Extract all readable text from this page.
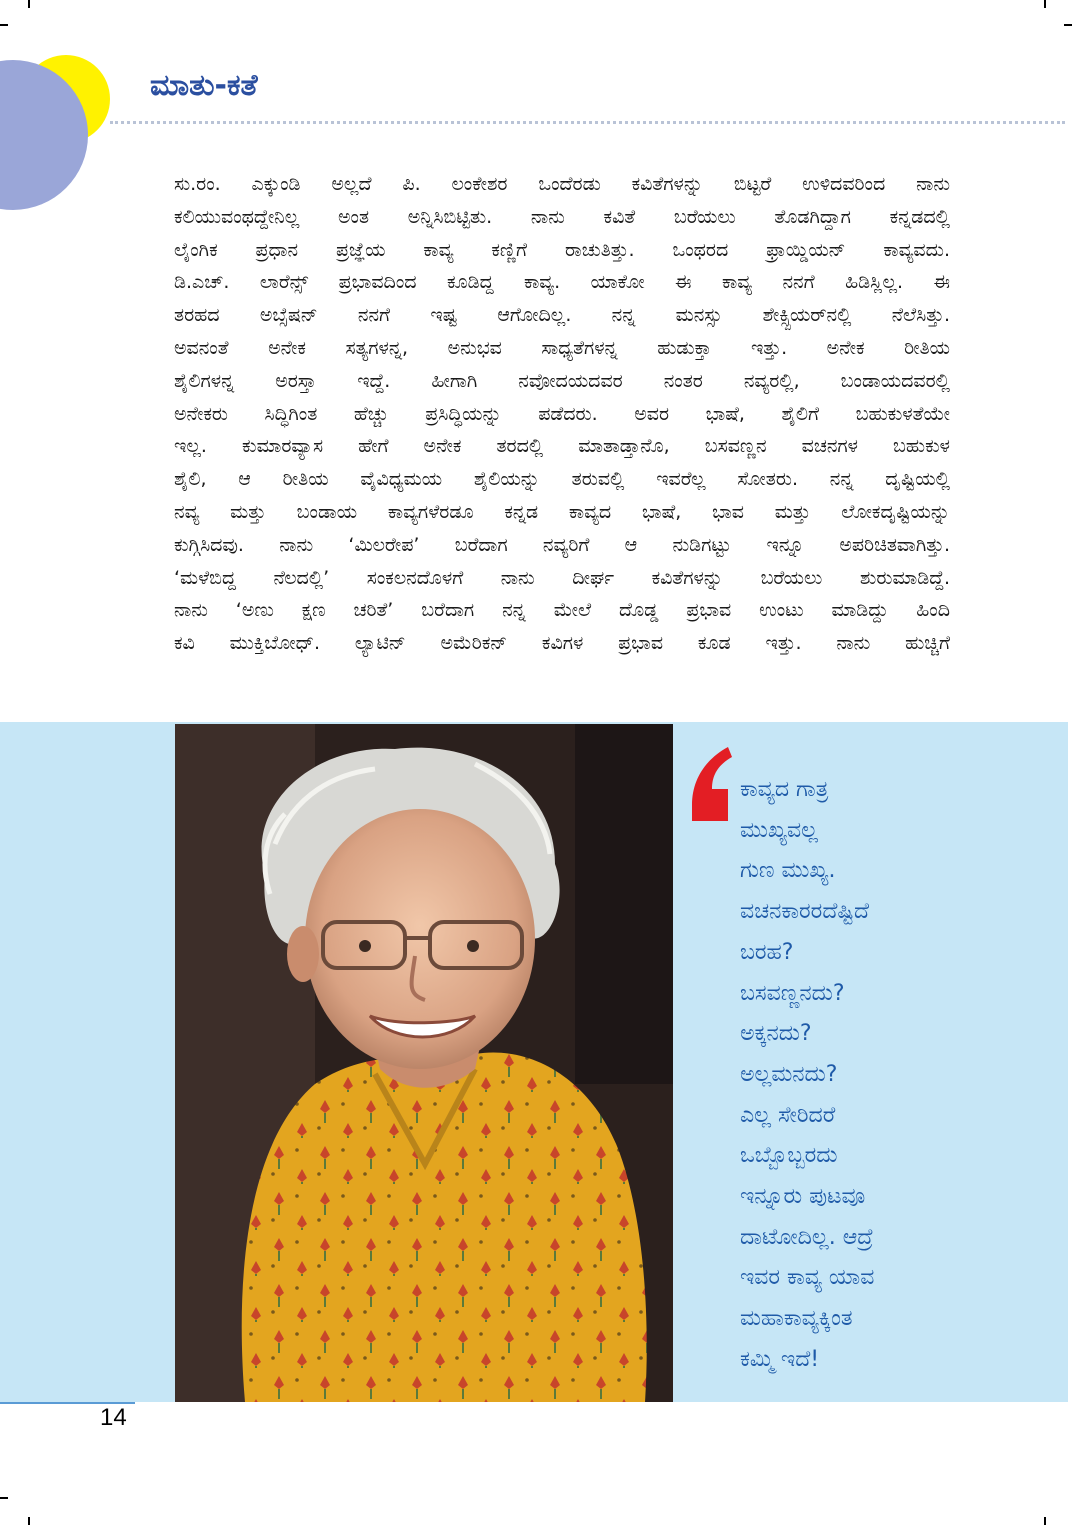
ಮಾತು-ಕತೆ
ಸು.ರಂ. ಎಕ್ಕುಂಡಿ ಅಲ್ಲದೆ ಪಿ. ಲಂಕೇಶರ ಒಂದೆರಡು ಕವಿತೆಗಳನ್ನು ಬಿಟ್ಟರೆ ಉಳಿದವರಿಂದ ನಾನು
ಕಲಿಯುವಂಥದ್ದೇನಿಲ್ಲ ಅಂತ ಅನ್ನಿಸಿಬಿಟ್ಟಿತು. ನಾನು ಕವಿತೆ ಬರೆಯಲು ತೊಡಗಿದ್ದಾಗ ಕನ್ನಡದಲ್ಲಿ
ಲೈಂಗಿಕ ಪ್ರಧಾನ ಪ್ರಜ್ಞೆಯ ಕಾವ್ಯ ಕಣ್ಣಿಗೆ ರಾಚುತಿತ್ತು. ಒಂಥರದ ಫ್ರಾಯ್ಡಿಯನ್ ಕಾವ್ಯವದು.
ಡಿ.ಎಚ್. ಲಾರೆನ್ಸ್ ಪ್ರಭಾವದಿಂದ ಕೂಡಿದ್ದ ಕಾವ್ಯ. ಯಾಕೋ ಈ ಕಾವ್ಯ ನನಗೆ ಹಿಡಿಸ್ಲಿಲ್ಲ. ಈ
ತರಹದ ಅಬ್ಸೆಷನ್ ನನಗೆ ಇಷ್ಟ ಆಗೋದಿಲ್ಲ. ನನ್ನ ಮನಸ್ಸು ಶೇಕ್ಸ್ಪಿಯರ್‌ನಲ್ಲಿ ನೆಲೆಸಿತ್ತು.
ಅವನಂತೆ ಅನೇಕ ಸತ್ಯಗಳನ್ನ, ಅನುಭವ ಸಾಧ್ಯತೆಗಳನ್ನ ಹುಡುಕ್ತಾ ಇತ್ತು. ಅನೇಕ ರೀತಿಯ
ಶೈಲಿಗಳನ್ನ ಅರಸ್ತಾ ಇದ್ದೆ. ಹೀಗಾಗಿ ನವೋದಯದವರ ನಂತರ ನವ್ಯರಲ್ಲಿ, ಬಂಡಾಯದವರಲ್ಲಿ
ಅನೇಕರು ಸಿದ್ಧಿಗಿಂತ ಹೆಚ್ಚು ಪ್ರಸಿದ್ಧಿಯನ್ನು ಪಡೆದರು. ಅವರ ಭಾಷೆ, ಶೈಲಿಗೆ ಬಹುಕುಳತೆಯೇ
ಇಲ್ಲ. ಕುಮಾರವ್ಯಾಸ ಹೇಗೆ ಅನೇಕ ತರದಲ್ಲಿ ಮಾತಾಡ್ತಾನೊ, ಬಸವಣ್ಣನ ವಚನಗಳ ಬಹುಕುಳ
ಶೈಲಿ, ಆ ರೀತಿಯ ವೈವಿಧ್ಯಮಯ ಶೈಲಿಯನ್ನು ತರುವಲ್ಲಿ ಇವರೆಲ್ಲ ಸೋತರು. ನನ್ನ ದೃಷ್ಟಿಯಲ್ಲಿ
ನವ್ಯ ಮತ್ತು ಬಂಡಾಯ ಕಾವ್ಯಗಳೆರಡೂ ಕನ್ನಡ ಕಾವ್ಯದ ಭಾಷೆ, ಭಾವ ಮತ್ತು ಲೋಕದೃಷ್ಟಿಯನ್ನು
ಕುಗ್ಗಿಸಿದವು. ನಾನು ‘ಮಿಲರೇಪ’ ಬರೆದಾಗ ನವ್ಯರಿಗೆ ಆ ನುಡಿಗಟ್ಟು ಇನ್ನೂ ಅಪರಿಚಿತವಾಗಿತ್ತು.
‘ಮಳೆಬಿದ್ದ ನೆಲದಲ್ಲಿ’ ಸಂಕಲನದೊಳಗೆ ನಾನು ದೀರ್ಘ ಕವಿತೆಗಳನ್ನು ಬರೆಯಲು ಶುರುಮಾಡಿದ್ದೆ.
ನಾನು ‘ಅಣು ಕ್ಷಣ ಚರಿತೆ’ ಬರೆದಾಗ ನನ್ನ ಮೇಲೆ ದೊಡ್ಡ ಪ್ರಭಾವ ಉಂಟು ಮಾಡಿದ್ದು ಹಿಂದಿ
ಕವಿ ಮುಕ್ತಿಬೋಧ್. ಲ್ಯಾಟಿನ್ ಅಮೆರಿಕನ್ ಕವಿಗಳ ಪ್ರಭಾವ ಕೂಡ ಇತ್ತು. ನಾನು ಹುಚ್ಚಿಗೆ
ಕಾವ್ಯದ ಗಾತ್ರ
ಮುಖ್ಯವಲ್ಲ
ಗುಣ ಮುಖ್ಯ.
ವಚನಕಾರರದೆಷ್ಟಿದೆ
ಬರಹ?
ಬಸವಣ್ಣನದು?
ಅಕ್ಕನದು?
ಅಲ್ಲಮನದು?
ಎಲ್ಲ ಸೇರಿದರೆ
ಒಬ್ಬೊಬ್ಬರದು
ಇನ್ನೂರು ಪುಟವೂ
ದಾಟೋದಿಲ್ಲ. ಆದ್ರೆ
ಇವರ ಕಾವ್ಯ ಯಾವ
ಮಹಾಕಾವ್ಯಕ್ಕಿಂತ
ಕಮ್ಮಿ ಇದೆ!
14
